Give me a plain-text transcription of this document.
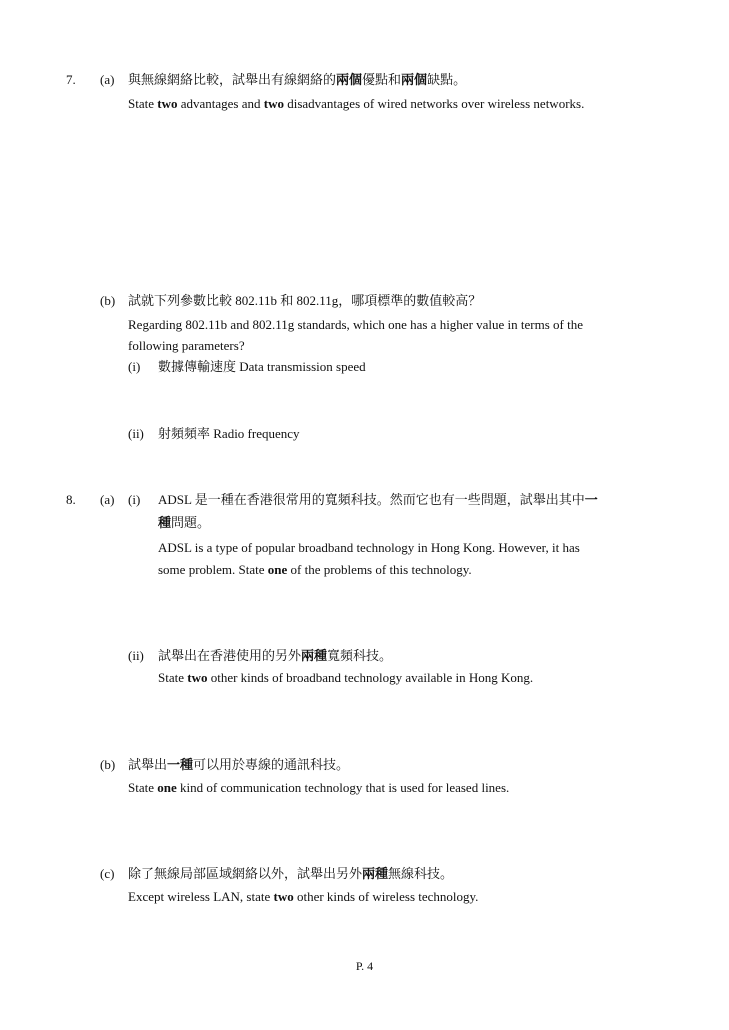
7. (a) 與無線網絡比較，試舉出有線網絡的兩個優點和兩個缺點。
State two advantages and two disadvantages of wired networks over wireless networks.
(b) 試就下列參數比較 802.11b 和 802.11g，哪項標準的數值較高？
Regarding 802.11b and 802.11g standards, which one has a higher value in terms of the
following parameters?
(i) 數據傳輸速度 Data transmission speed
(ii) 射頻頻率 Radio frequency
8. (a) (i) ADSL 是一種在香港很常用的寬頻科技。然而它也有一些問題，試舉出其中一
種問題。
ADSL is a type of popular broadband technology in Hong Kong. However, it has
some problem. State one of the problems of this technology.
(ii) 試舉出在香港使用的另外兩種寬頻科技。
State two other kinds of broadband technology available in Hong Kong.
(b) 試舉出一種可以用於專線的通訊科技。
State one kind of communication technology that is used for leased lines.
(c) 除了無線局部區域網絡以外，試舉出另外兩種無線科技。
Except wireless LAN, state two other kinds of wireless technology.
P. 4
